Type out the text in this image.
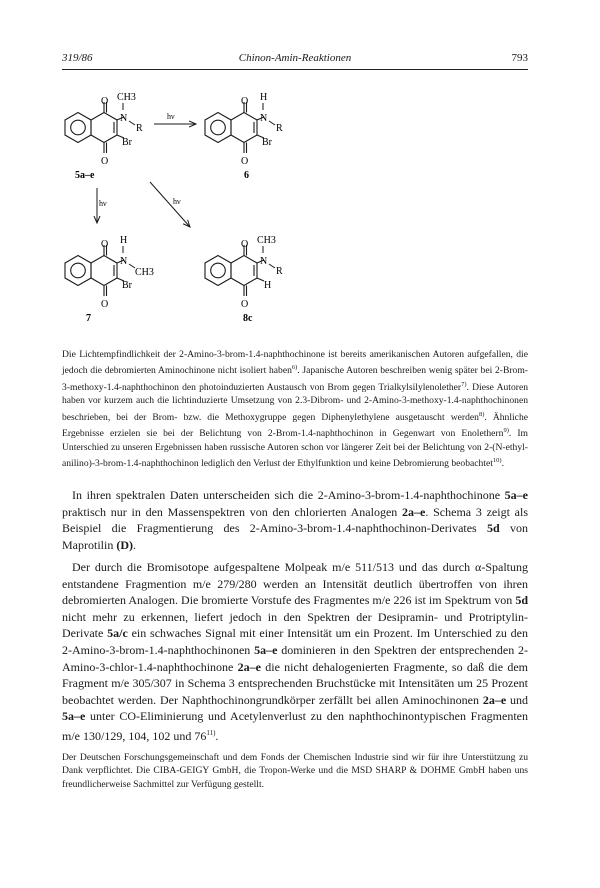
319/86	Chinon-Amin-Reaktionen	793
O
O
CH3
N
R
Br
5a–e
hν
O
O
H
N
R
Br
6
hν	hν
O
O
H
N
CH3
Br
7
O
O
CH3
N
R
H
8c

Die Lichtempfindlichkeit der 2-Amino-3-brom-1.4-naphthochinone ist bereits amerikanischen Autoren aufgefallen, die jedoch die debromierten Aminochinone nicht isoliert haben$^{6)}$. Japanische Autoren beschreiben wenig später bei 2-Brom-3-methoxy-1.4-naphthochinon den photoinduzierten Austausch von Brom gegen Trialkylsilylenolether$^{7)}$. Diese Autoren haben vor kurzem auch die lichtinduzierte Umsetzung von 2.3-Dibrom- und 2-Amino-3-methoxy-1.4-naphthochinonen beschrieben, bei der Brom- bzw. die Methoxygruppe gegen Diphenylethylene ausgetauscht werden$^{8)}$. Ähnliche Ergebnisse erzielen sie bei der Belichtung von 2-Brom-1.4-naphthochinon in Gegenwart von Enolethern$^{9)}$. Im Unterschied zu unseren Ergebnissen haben russische Autoren schon vor längerer Zeit bei der Belichtung von 2-(N-ethyl-anilino)-3-brom-1.4-naphthochinon lediglich den Verlust der Ethylfunktion und keine Debromierung beobachtet$^{10)}$.

In ihren spektralen Daten unterscheiden sich die 2-Amino-3-brom-1.4-naphthochinone 5a–e praktisch nur in den Massenspektren von den chlorierten Analogen 2a–e. Schema 3 zeigt als Beispiel die Fragmentierung des 2-Amino-3-brom-1.4-naphthochinon-Derivates 5d von Maprotilin (D).

Der durch die Bromisotope aufgespaltene Molpeak m/e 511/513 und das durch α-Spaltung entstandene Fragmention m/e 279/280 werden an Intensität deutlich übertroffen von ihren debromierten Analogen. Die bromierte Vorstufe des Fragmentes m/e 226 ist im Spektrum von 5d nicht mehr zu erkennen, liefert jedoch in den Spektren der Desipramin- und Protriptylin-Derivate 5a/c ein schwaches Signal mit einer Intensität um ein Prozent. Im Unterschied zu den 2-Amino-3-brom-1.4-naphthochinonen 5a–e dominieren in den Spektren der entsprechenden 2-Amino-3-chlor-1.4-naphthochinone 2a–e die nicht dehalogenierten Fragmente, so daß die dem Fragment m/e 305/307 in Schema 3 entsprechenden Bruchstücke mit Intensitäten um 25 Prozent beobachtet werden. Der Naphthochinongrundkörper zerfällt bei allen Aminochinonen 2a–e und 5a–e unter CO-Eliminierung und Acetylenverlust zu den naphthochinontypischen Fragmenten m/e 130/129, 104, 102 und 76$^{11)}$.

Der Deutschen Forschungsgemeinschaft und dem Fonds der Chemischen Industrie sind wir für ihre Unterstützung zu Dank verpflichtet. Die CIBA-GEIGY GmbH, die Tropon-Werke und die MSD SHARP & DOHME GmbH haben uns freundlicherweise Sachmittel zur Verfügung gestellt.
